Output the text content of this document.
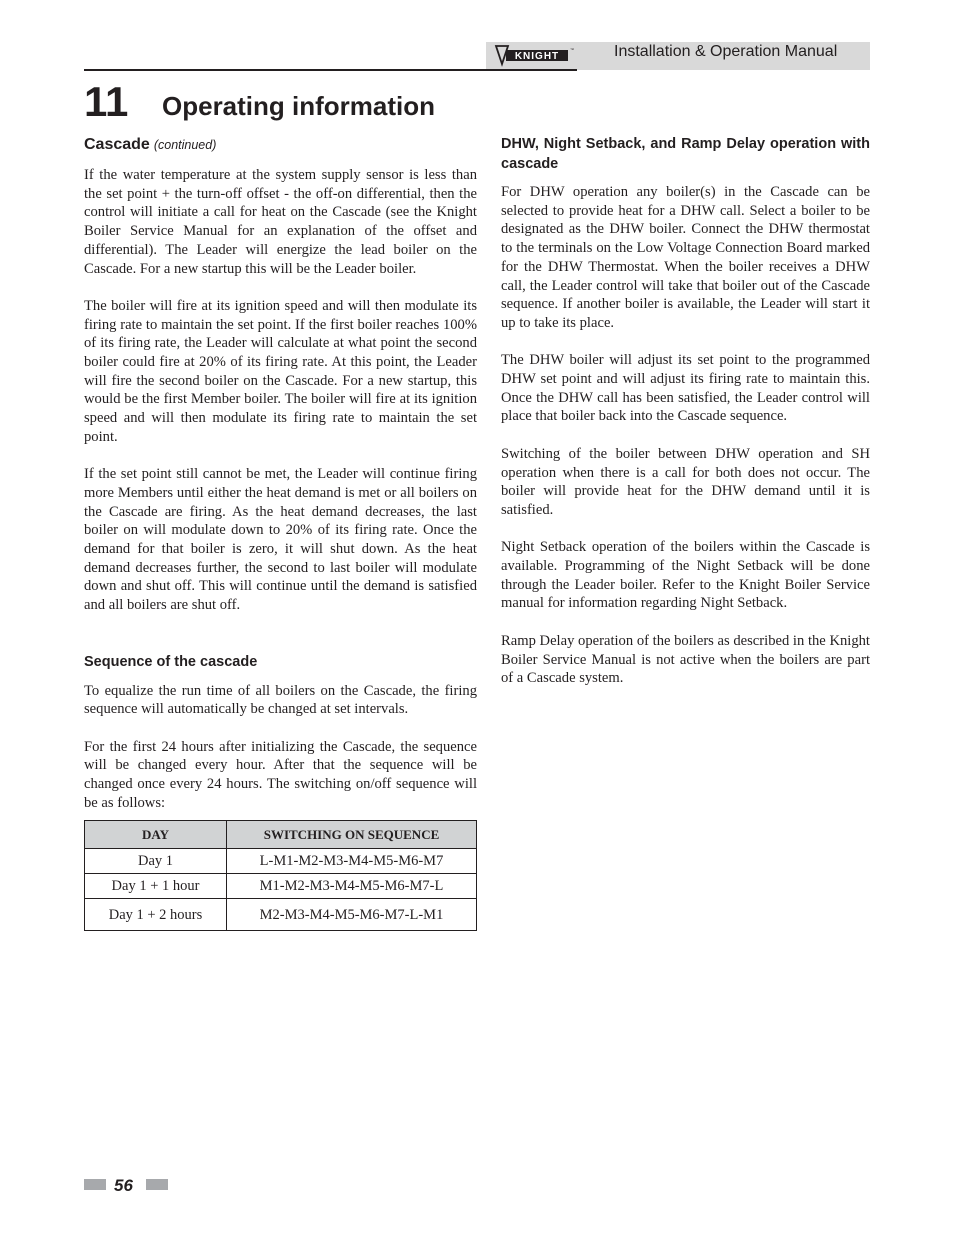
KNIGHT
™	Installation & Operation Manual
11 Operating information
Cascade (continued)

If the water temperature at the system supply sensor is less than the set point + the turn-off offset - the off-on differential, then the control will initiate a call for heat on the Cascade (see the Knight Boiler Service Manual for an explanation of the offset and differential). The Leader will energize the lead boiler on the Cascade. For a new startup this will be the Leader boiler.

The boiler will fire at its ignition speed and will then modulate its firing rate to maintain the set point. If the first boiler reaches 100% of its firing rate, the Leader will calculate at what point the second boiler could fire at 20% of its firing rate. At this point, the Leader will fire the second boiler on the Cascade. For a new startup, this would be the first Member boiler. The boiler will fire at its ignition speed and will then modulate its firing rate to maintain the set point.

If the set point still cannot be met, the Leader will continue firing more Members until either the heat demand is met or all boilers on the Cascade are firing. As the heat demand decreases, the last boiler on will modulate down to 20% of its firing rate. Once the demand for that boiler is zero, it will shut down. As the heat demand decreases further, the second to last boiler will modulate down and shut off. This will continue until the demand is satisfied and all boilers are shut off.

Sequence of the cascade

To equalize the run time of all boilers on the Cascade, the firing sequence will automatically be changed at set intervals.

For the first 24 hours after initializing the Cascade, the sequence will be changed every hour. After that the sequence will be changed once every 24 hours. The switching on/off sequence will be as follows:

DAY	SWITCHING ON SEQUENCE
Day 1	L-M1-M2-M3-M4-M5-M6-M7
Day 1 + 1 hour	M1-M2-M3-M4-M5-M6-M7-L
Day 1 + 2 hours	M2-M3-M4-M5-M6-M7-L-M1
DHW, Night Setback, and Ramp Delay operation with cascade

For DHW operation any boiler(s) in the Cascade can be selected to provide heat for a DHW call. Select a boiler to be designated as the DHW boiler. Connect the DHW thermostat to the terminals on the Low Voltage Connection Board marked for the DHW Thermostat. When the boiler receives a DHW call, the Leader control will take that boiler out of the Cascade sequence. If another boiler is available, the Leader will start it up to take its place.

The DHW boiler will adjust its set point to the programmed DHW set point and will adjust its firing rate to maintain this. Once the DHW call has been satisfied, the Leader control will place that boiler back into the Cascade sequence.

Switching of the boiler between DHW operation and SH operation when there is a call for both does not occur. The boiler will provide heat for the DHW demand until it is satisfied.

Night Setback operation of the boilers within the Cascade is available. Programming of the Night Setback will be done through the Leader boiler. Refer to the Knight Boiler Service manual for information regarding Night Setback.

Ramp Delay operation of the boilers as described in the Knight Boiler Service Manual is not active when the boilers are part of a Cascade system.

56
